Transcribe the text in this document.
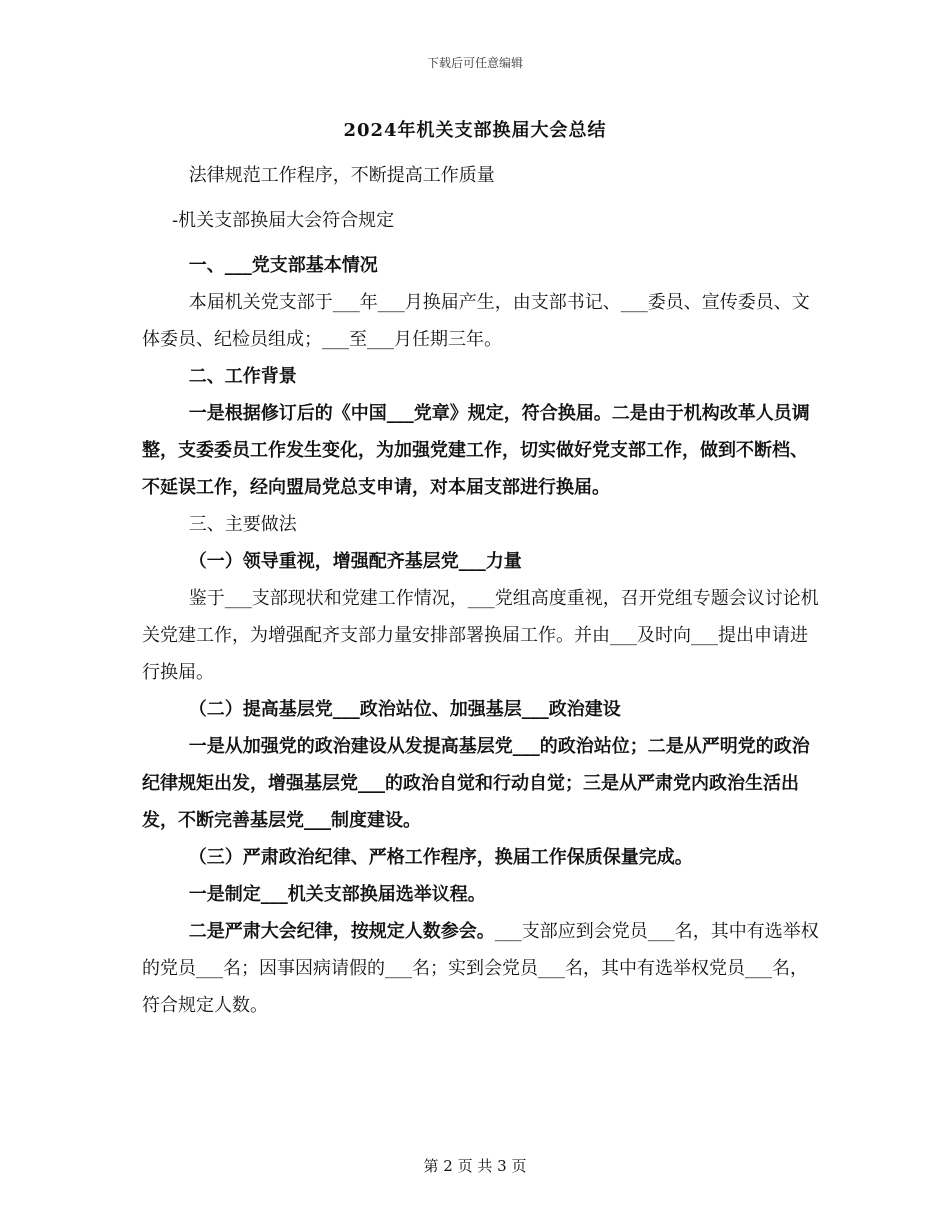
下载后可任意编辑
2024年机关支部换届大会总结

法律规范工作程序，不断提高工作质量

-机关支部换届大会符合规定

一、___党支部基本情况

本届机关党支部于___年___月换届产生，由支部书记、___委员、宣传委员、文体委员、纪检员组成；___至___月任期三年。

二、工作背景

一是根据修订后的《中国___党章》规定，符合换届。二是由于机构改革人员调整，支委委员工作发生变化，为加强党建工作，切实做好党支部工作，做到不断档、不延误工作，经向盟局党总支申请，对本届支部进行换届。

三、主要做法

（一）领导重视，增强配齐基层党___力量

鉴于___支部现状和党建工作情况，___党组高度重视，召开党组专题会议讨论机关党建工作，为增强配齐支部力量安排部署换届工作。并由___及时向___提出申请进行换届。

（二）提高基层党___政治站位、加强基层___政治建设

一是从加强党的政治建设从发提高基层党___的政治站位；二是从严明党的政治纪律规矩出发，增强基层党___的政治自觉和行动自觉；三是从严肃党内政治生活出发，不断完善基层党___制度建设。

（三）严肃政治纪律、严格工作程序，换届工作保质保量完成。

一是制定___机关支部换届选举议程。

二是严肃大会纪律，按规定人数参会。___支部应到会党员___名，其中有选举权的党员___名；因事因病请假的___名；实到会党员___名，其中有选举权党员___名，符合规定人数。

第 2 页 共 3 页
